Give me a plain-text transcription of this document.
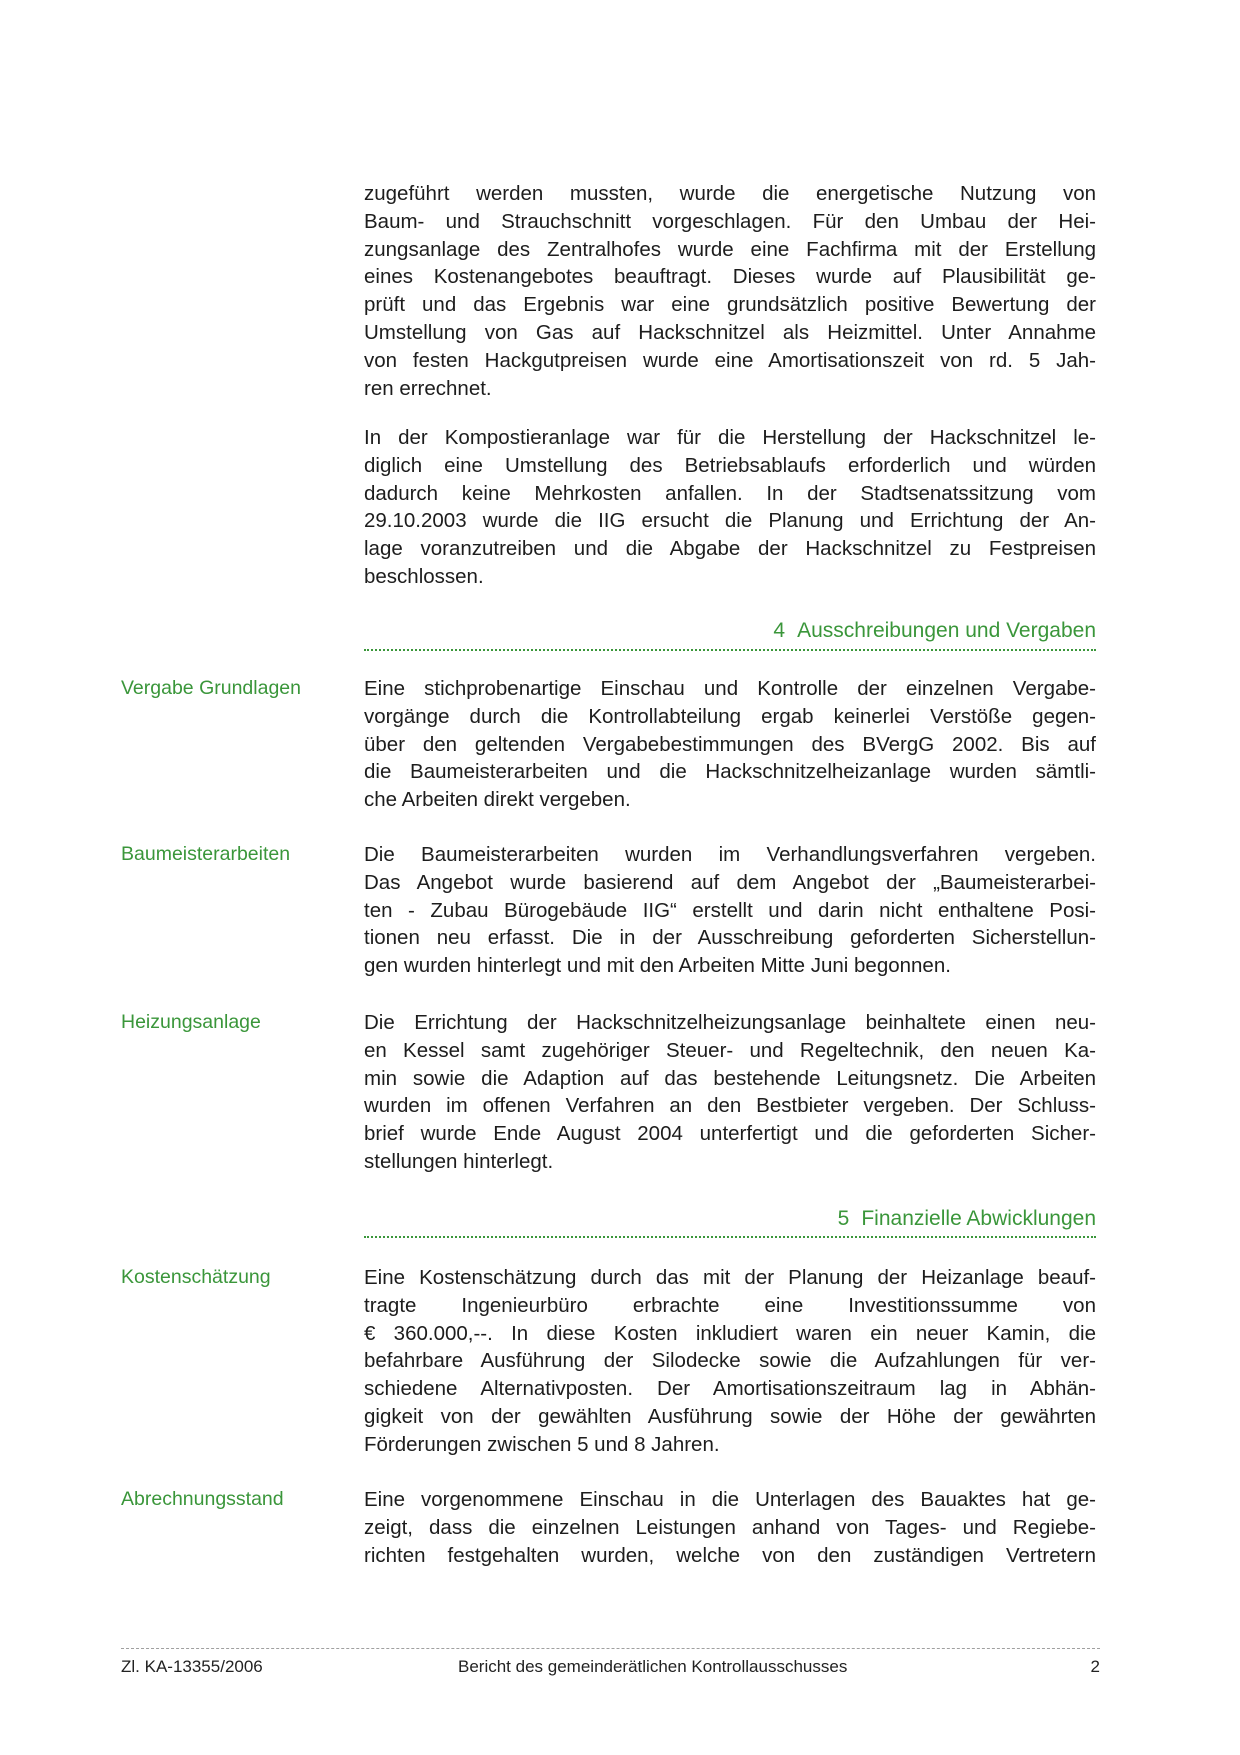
zugeführt werden mussten, wurde die energetische Nutzung von
Baum- und Strauchschnitt vorgeschlagen. Für den Umbau der Hei-
zungsanlage des Zentralhofes wurde eine Fachfirma mit der Erstellung
eines Kostenangebotes beauftragt. Dieses wurde auf Plausibilität ge-
prüft und das Ergebnis war eine grundsätzlich positive Bewertung der
Umstellung von Gas auf Hackschnitzel als Heizmittel. Unter Annahme
von festen Hackgutpreisen wurde eine Amortisationszeit von rd. 5 Jah-
ren errechnet.
In der Kompostieranlage war für die Herstellung der Hackschnitzel le-
diglich eine Umstellung des Betriebsablaufs erforderlich und würden
dadurch keine Mehrkosten anfallen. In der Stadtsenatssitzung vom
29.10.2003 wurde die IIG ersucht die Planung und Errichtung der An-
lage voranzutreiben und die Abgabe der Hackschnitzel zu Festpreisen
beschlossen.
4 Ausschreibungen und Vergaben
Vergabe Grundlagen	Eine stichprobenartige Einschau und Kontrolle der einzelnen Vergabe-
vorgänge durch die Kontrollabteilung ergab keinerlei Verstöße gegen-
über den geltenden Vergabebestimmungen des BVergG 2002. Bis auf
die Baumeisterarbeiten und die Hackschnitzelheizanlage wurden sämtli-
che Arbeiten direkt vergeben.
Baumeisterarbeiten	Die Baumeisterarbeiten wurden im Verhandlungsverfahren vergeben.
Das Angebot wurde basierend auf dem Angebot der „Baumeisterarbei-
ten - Zubau Bürogebäude IIG“ erstellt und darin nicht enthaltene Posi-
tionen neu erfasst. Die in der Ausschreibung geforderten Sicherstellun-
gen wurden hinterlegt und mit den Arbeiten Mitte Juni begonnen.
Heizungsanlage	Die Errichtung der Hackschnitzelheizungsanlage beinhaltete einen neu-
en Kessel samt zugehöriger Steuer- und Regeltechnik, den neuen Ka-
min sowie die Adaption auf das bestehende Leitungsnetz. Die Arbeiten
wurden im offenen Verfahren an den Bestbieter vergeben. Der Schluss-
brief wurde Ende August 2004 unterfertigt und die geforderten Sicher-
stellungen hinterlegt.
5 Finanzielle Abwicklungen
Kostenschätzung	Eine Kostenschätzung durch das mit der Planung der Heizanlage beauf-
tragte Ingenieurbüro erbrachte eine Investitionssumme von
€ 360.000,--. In diese Kosten inkludiert waren ein neuer Kamin, die
befahrbare Ausführung der Silodecke sowie die Aufzahlungen für ver-
schiedene Alternativposten. Der Amortisationszeitraum lag in Abhän-
gigkeit von der gewählten Ausführung sowie der Höhe der gewährten
Förderungen zwischen 5 und 8 Jahren.
Abrechnungsstand	Eine vorgenommene Einschau in die Unterlagen des Bauaktes hat ge-
zeigt, dass die einzelnen Leistungen anhand von Tages- und Regiebe-
richten festgehalten wurden, welche von den zuständigen Vertretern
Zl. KA-13355/2006	Bericht des gemeinderätlichen Kontrollausschusses	2
